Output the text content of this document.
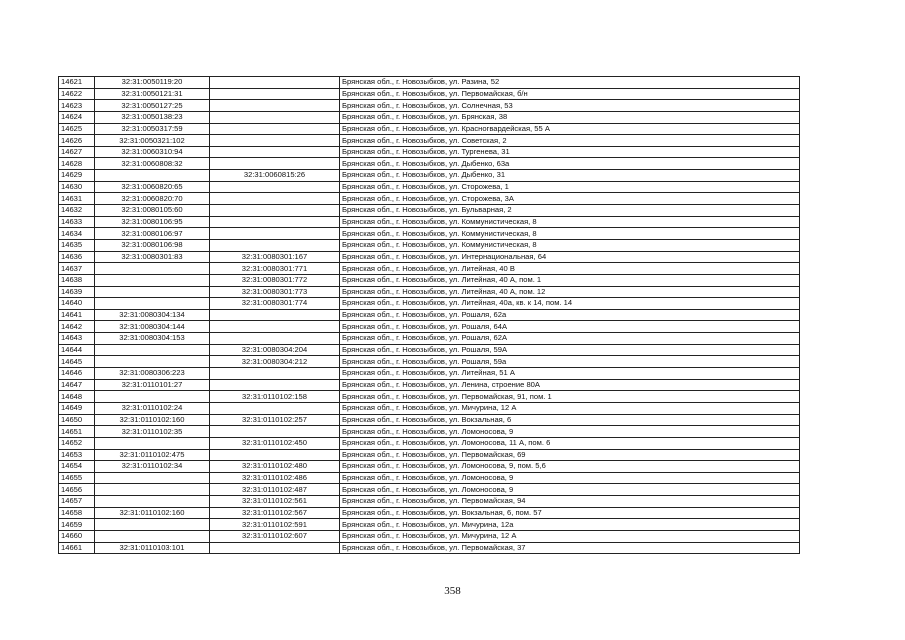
14621	32:31:0050119:20		Брянская обл., г. Новозыбков, ул. Разина, 52
14622	32:31:0050121:31		Брянская обл., г. Новозыбков, ул. Первомайская, б/н
14623	32:31:0050127:25		Брянская обл., г. Новозыбков, ул. Солнечная, 53
14624	32:31:0050138:23		Брянская обл., г. Новозыбков, ул. Брянская, 38
14625	32:31:0050317:59		Брянская обл., г. Новозыбков, ул. Красногвардейская, 55 А
14626	32:31:0050321:102		Брянская обл., г. Новозыбков, ул. Советская, 2
14627	32:31:0060310:94		Брянская обл., г. Новозыбков, ул. Тургенева, 31
14628	32:31:0060808:32		Брянская обл., г. Новозыбков, ул. Дыбенко, 63а
14629		32:31:0060815:26	Брянская обл., г. Новозыбков, ул. Дыбенко, 31
14630	32:31:0060820:65		Брянская обл., г. Новозыбков, ул. Сторожева, 1
14631	32:31:0060820:70		Брянская обл., г. Новозыбков, ул. Сторожева, 3А
14632	32:31:0080105:60		Брянская обл., г. Новозыбков, ул. Бульварная, 2
14633	32:31:0080106:95		Брянская обл., г. Новозыбков, ул. Коммунистическая, 8
14634	32:31:0080106:97		Брянская обл., г. Новозыбков, ул. Коммунистическая, 8
14635	32:31:0080106:98		Брянская обл., г. Новозыбков, ул. Коммунистическая, 8
14636	32:31:0080301:83	32:31:0080301:167	Брянская обл., г. Новозыбков, ул. Интернациональная, 64
14637		32:31:0080301:771	Брянская обл., г. Новозыбков, ул. Литейная, 40 В
14638		32:31:0080301:772	Брянская обл., г. Новозыбков, ул. Литейная, 40 А, пом. 1
14639		32:31:0080301:773	Брянская обл., г. Новозыбков, ул. Литейная, 40 А, пом. 12
14640		32:31:0080301:774	Брянская обл., г. Новозыбков, ул. Литейная, 40а, кв. к 14, пом. 14
14641	32:31:0080304:134		Брянская обл., г. Новозыбков, ул. Рошаля, 62а
14642	32:31:0080304:144		Брянская обл., г. Новозыбков, ул. Рошаля, 64А
14643	32:31:0080304:153		Брянская обл., г. Новозыбков, ул. Рошаля, 62А
14644		32:31:0080304:204	Брянская обл., г. Новозыбков, ул. Рошаля, 59А
14645		32:31:0080304:212	Брянская обл., г. Новозыбков, ул. Рошаля, 59а
14646	32:31:0080306:223		Брянская обл., г. Новозыбков, ул. Литейная, 51 А
14647	32:31:0110101:27		Брянская обл., г. Новозыбков, ул. Ленина, строение 80А
14648		32:31:0110102:158	Брянская обл., г. Новозыбков, ул. Первомайская, 91, пом. 1
14649	32:31:0110102:24		Брянская обл., г. Новозыбков, ул. Мичурина, 12 А
14650	32:31:0110102:160	32:31:0110102:257	Брянская обл., г. Новозыбков, ул. Вокзальная, 6
14651	32:31:0110102:35		Брянская обл., г. Новозыбков, ул. Ломоносова, 9
14652		32:31:0110102:450	Брянская обл., г. Новозыбков, ул. Ломоносова, 11 А, пом. 6
14653	32:31:0110102:475		Брянская обл., г. Новозыбков, ул. Первомайская, 69
14654	32:31:0110102:34	32:31:0110102:480	Брянская обл., г. Новозыбков, ул. Ломоносова, 9, пом. 5,6
14655		32:31:0110102:486	Брянская обл., г. Новозыбков, ул. Ломоносова, 9
14656		32:31:0110102:487	Брянская обл., г. Новозыбков, ул. Ломоносова, 9
14657		32:31:0110102:561	Брянская обл., г. Новозыбков, ул. Первомайская, 94
14658	32:31:0110102:160	32:31:0110102:567	Брянская обл., г. Новозыбков, ул. Вокзальная, 6, пом. 57
14659		32:31:0110102:591	Брянская обл., г. Новозыбков, ул. Мичурина, 12а
14660		32:31:0110102:607	Брянская обл., г. Новозыбков, ул. Мичурина, 12 А
14661	32:31:0110103:101		Брянская обл., г. Новозыбков, ул. Первомайская, 37
358
